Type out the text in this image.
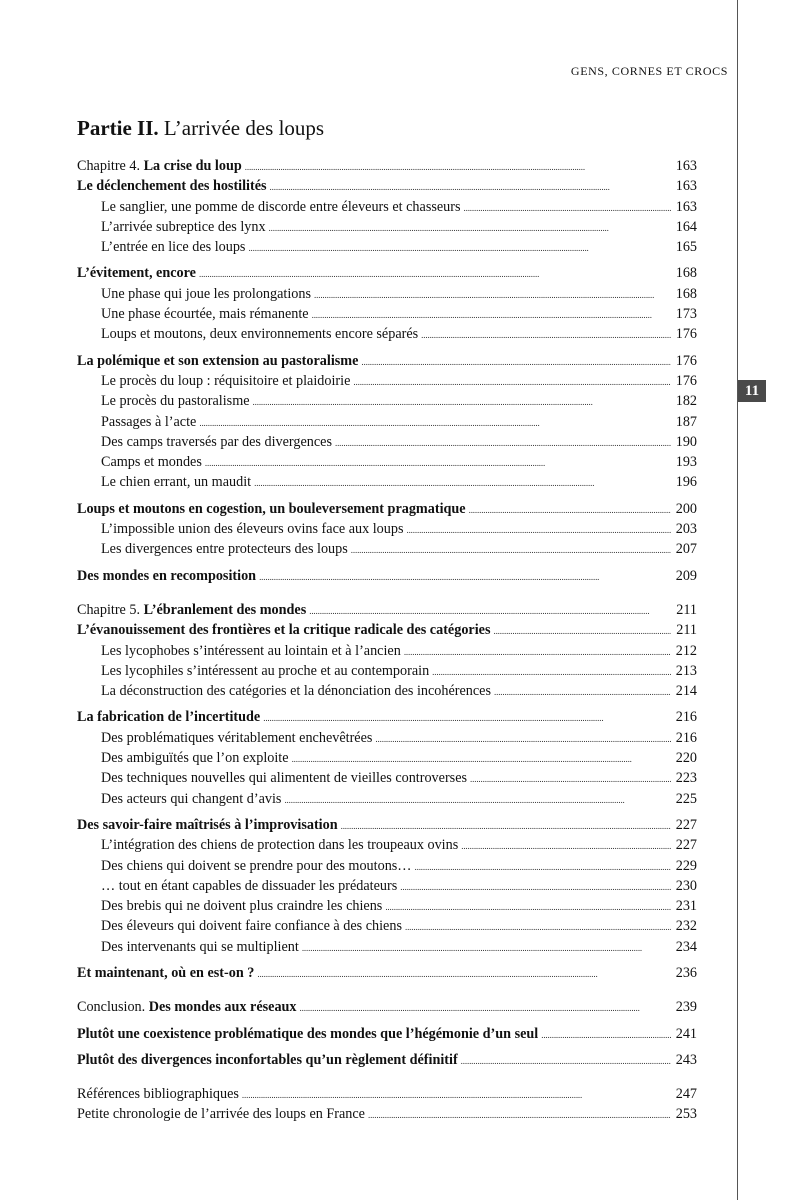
GENS, CORNES ET CROCS
11
Partie II. L’arrivée des loups
Chapitre 4. La crise du loup . . .	163
Le déclenchement des hostilités . . .	163
Le sanglier, une pomme de discorde entre éleveurs et chasseurs . . .	163
L’arrivée subreptice des lynx . . .	164
L’entrée en lice des loups . . .	165
L’évitement, encore . . .	168
Une phase qui joue les prolongations . . .	168
Une phase écourtée, mais rémanente . . .	173
Loups et moutons, deux environnements encore séparés . . .	176
La polémique et son extension au pastoralisme . . .	176
Le procès du loup : réquisitoire et plaidoirie . . .	176
Le procès du pastoralisme . . .	182
Passages à l’acte . . .	187
Des camps traversés par des divergences . . .	190
Camps et mondes . . .	193
Le chien errant, un maudit . . .	196
Loups et moutons en cogestion, un bouleversement pragmatique . . .	200
L’impossible union des éleveurs ovins face aux loups . . .	203
Les divergences entre protecteurs des loups . . .	207
Des mondes en recomposition . . .	209
Chapitre 5. L’ébranlement des mondes . . .	211
L’évanouissement des frontières et la critique radicale des catégories . . .	211
Les lycophobes s’intéressent au lointain et à l’ancien . . .	212
Les lycophiles s’intéressent au proche et au contemporain . . .	213
La déconstruction des catégories et la dénonciation des incohérences . . .	214
La fabrication de l’incertitude . . .	216
Des problématiques véritablement enchevêtrées . . .	216
Des ambiguïtés que l’on exploite . . .	220
Des techniques nouvelles qui alimentent de vieilles controverses . . .	223
Des acteurs qui changent d’avis . . .	225
Des savoir-faire maîtrisés à l’improvisation . . .	227
L’intégration des chiens de protection dans les troupeaux ovins . . .	227
Des chiens qui doivent se prendre pour des moutons… . . .	229
… tout en étant capables de dissuader les prédateurs . . .	230
Des brebis qui ne doivent plus craindre les chiens . . .	231
Des éleveurs qui doivent faire confiance à des chiens . . .	232
Des intervenants qui se multiplient . . .	234
Et maintenant, où en est-on ? . . .	236
Conclusion. Des mondes aux réseaux . . .	239
Plutôt une coexistence problématique des mondes que l’hégémonie d’un seul . . .	241
Plutôt des divergences inconfortables qu’un règlement définitif . . .	243
Références bibliographiques . . .	247
Petite chronologie de l’arrivée des loups en France . . .	253
